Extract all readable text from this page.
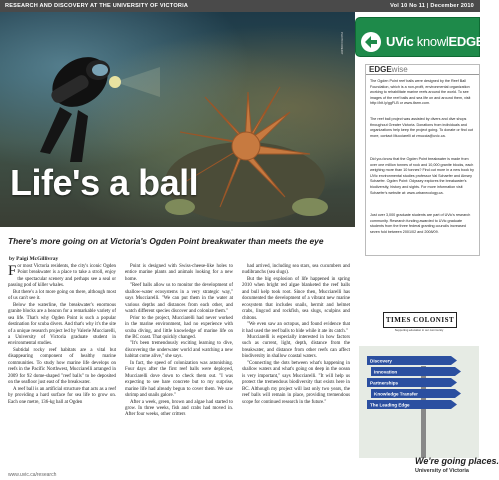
RESEARCH AND DISCOVERY AT THE UNIVERSITY OF VICTORIA	Vol 10 No 11 | December 2010
PHOTO CREDIT
Life's a ball
Mucciarelli, exploring an Ogden Point reef ball draped in marine life, including a large sunflower sea star.
There's more going on at Victoria's Ogden Point breakwater than meets the eye
by Paigi McGillivray

For most Victoria residents, the city's iconic Ogden Point breakwater is a place to take a stroll, enjoy the spectacular scenery and perhaps see a seal or passing pod of killer whales.

But there's a lot more going on there, although most of us can't see it.

Below the waterline, the breakwater's enormous granite blocks are a beacon for a remarkable variety of sea life. That's why Ogden Point is such a popular destination for scuba divers. And that's why it's the site of a unique research project led by Valerie Mucciarelli, a University of Victoria graduate student in environmental studies.

Subtidal rocky reef habitats are a vital but disappearing component of healthy marine communities. To study how marine life develops on reefs in the Pacific Northwest, Mucciarelli arranged in 2009 for 92 dome-shaped "reef balls" to be deposited on the seafloor just east of the breakwater.

A reef ball is an artificial structure that acts as a reef by providing a hard surface for sea life to grow on. Each one metre, 136-kg ball at Ogden

Point is designed with Swiss-cheese-like holes to entice marine plants and animals looking for a new home.

"Reef balls allow us to monitor the development of shallow-water ecosystems in a very strategic way," says Mucciarelli. "We can put them in the water at various depths and distances from each other, and watch different species discover and colonize them."

Prior to the project, Mucciarelli had never worked in the marine environment, had no experience with scuba diving, and little knowledge of marine life on the BC coast. That quickly changed.

"It's been tremendously exciting learning to dive, discovering the underwater world and watching a new habitat come alive," she says.

In fact, the speed of colonization was astonishing. Four days after the first reef balls were deployed, Mucciarelli dove down to check them out. "I was expecting to see bare concrete but to my surprise, marine life had already begun to cover them. We saw shrimp and snails galore."

After a week, green, brown and algae had started to grow. In three weeks, fish and crabs had moved in. After four weeks, other critters

had arrived, including sea stars, sea cucumbers and nudibranchs (sea slugs).

But the big explosion of life happened in spring 2010 when bright red algae blanketed the reef balls and bull kelp took root. Since then, Mucciarelli has documented the development of a vibrant new marine ecosystem that includes snails, hermit and helmet crabs, lingcod and rockfish, sea slugs, sculpins and chitons.

"We even saw an octopus, and found evidence that it had used the reef balls to hide while it ate its catch."

Mucciarelli is especially interested in how factors such as current, light, depth, distance from the breakwater, and distance from other reefs can affect biodiversity in shallow coastal waters.

"Connecting the dots between what's happening in shallow waters and what's going on deep in the ocean is very important," says Mucciarelli. "It will help us protect the tremendous biodiversity that exists here in BC. Although my project will last only two years, the reef balls will remain in place, providing tremendous scope for continued research in the future."

www.uvic.ca/research
UVic knowlEDGE
EDGEwise
The Ogden Point reef balls were designed by the Reef Ball Foundation, which is a non-profit, environmental organization working to rehabilitate marine reefs around the world. To see images of the reef balls and sea life on and around them, visit http://bit.ly/ggFLB or www.ifarm.com.
The reef ball project was assisted by divers and dive shops throughout Greater Victoria. Donations from individuals and organizations help keep the project going. To donate or find out more, contact Mucciarelli at vmuccia@uvic.ca.
Did you know that the Ogden Point breakwater is made from over one million tonnes of rock and 10,000 granite blocks, each weighing more than 10 tonnes? Find out more in a new book by UVic environmental studies professor Val Schaefer and Ainsey Schaefer. Ogden Point: Odyssey explores the breakwater's biodiversity, history and sights. For more information visit Schaefer's website at: www.urbanecology.ca.
Just over 3,000 graduate students are part of UVic's research community. Research funding awarded to UVic graduate students from the three federal granting councils increased seven fold between 2001/02 and 2008/09.
TIMES COLONIST
Supporting education in our community
Discovery
Innovation
Partnerships
Knowledge Transfer
The Leading Edge
We're going places.
University of Victoria
